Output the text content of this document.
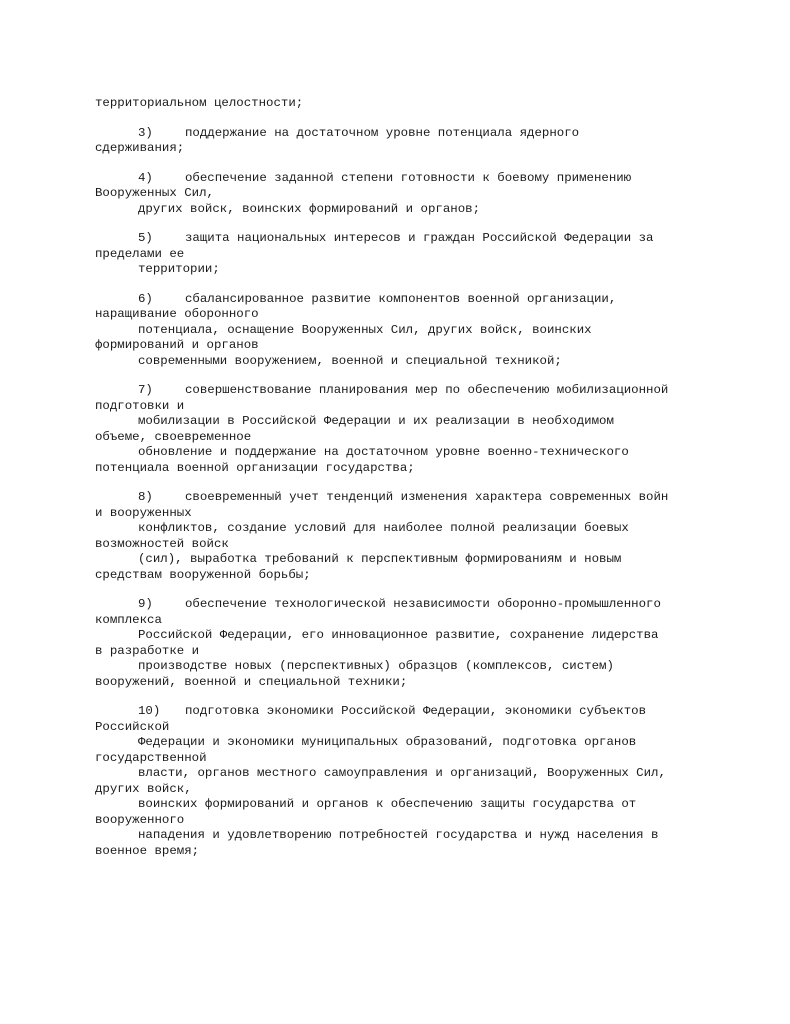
территориальном целостности;

3)	поддержание на достаточном уровне потенциала ядерного
сдерживания;
4)	обеспечение заданной степени готовности к боевому применению
Вооруженных Сил,
других войск, воинских формирований и органов;
5)	защита национальных интересов и граждан Российской Федерации за
пределами ее
территории;
6)	сбалансированное развитие компонентов военной организации,
наращивание оборонного
потенциала, оснащение Вооруженных Сил, других войск, воинских
формирований и органов
современными вооружением, военной и специальной техникой;
7)	совершенствование планирования мер по обеспечению мобилизационной
подготовки и
мобилизации в Российской Федерации и их реализации в необходимом
объеме, своевременное
обновление и поддержание на достаточном уровне военно-технического
потенциала военной организации государства;
8)	своевременный учет тенденций изменения характера современных войн
и вооруженных
конфликтов, создание условий для наиболее полной реализации боевых
возможностей войск
(сил), выработка требований к перспективным формированиям и новым
средствам вооруженной борьбы;
9)	обеспечение технологической независимости оборонно-промышленного
комплекса
Российской Федерации, его инновационное развитие, сохранение лидерства
в разработке и
производстве новых (перспективных) образцов (комплексов, систем)
вооружений, военной и специальной техники;
10) подготовка экономики Российской Федерации, экономики субъектов
Российской
Федерации и экономики муниципальных образований, подготовка органов
государственной
власти, органов местного самоуправления и организаций, Вооруженных Сил,
других войск,
воинских формирований и органов к обеспечению защиты государства от
вооруженного
нападения и удовлетворению потребностей государства и нужд населения в
военное время;
